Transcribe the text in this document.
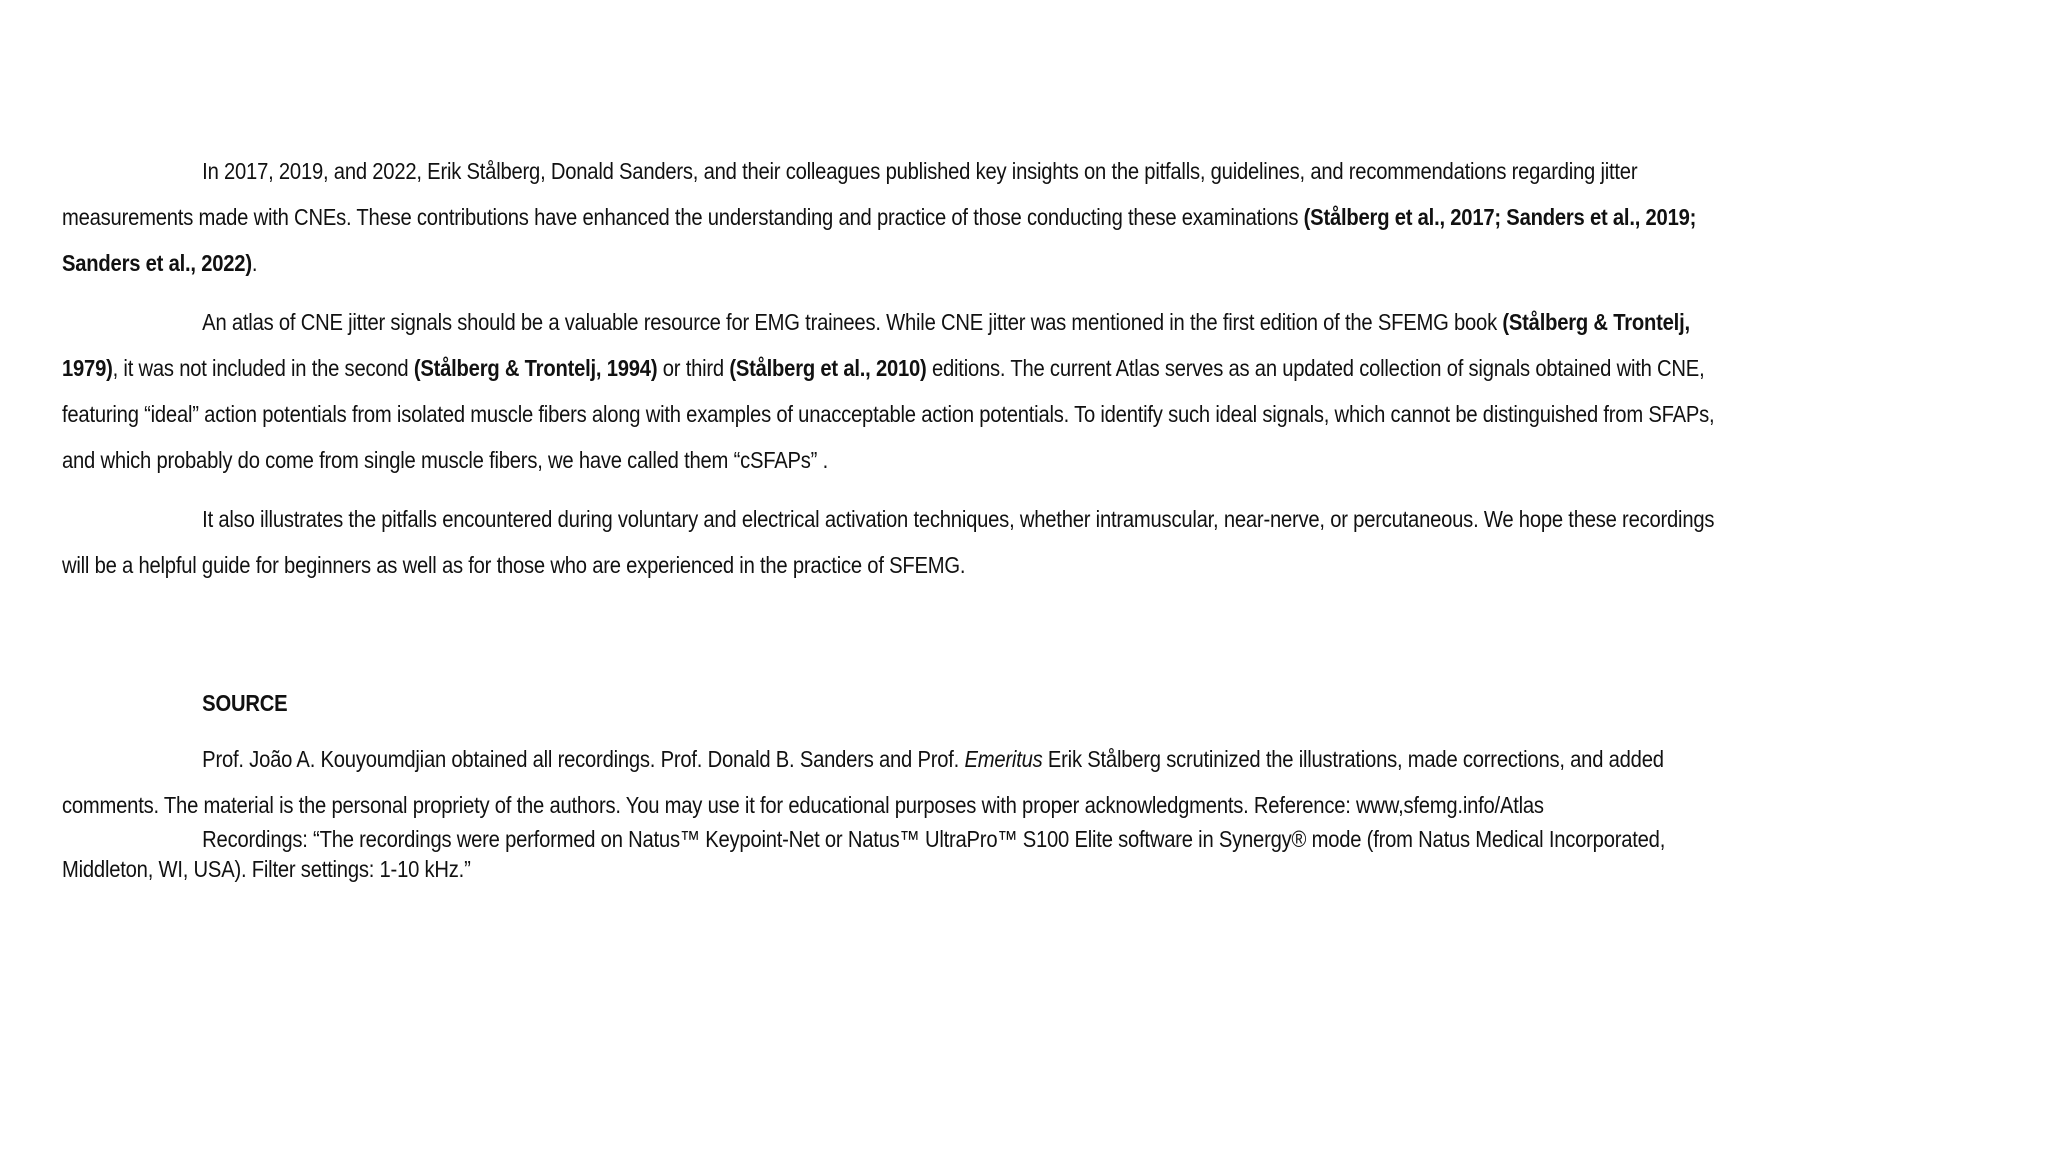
In 2017, 2019, and 2022, Erik Stålberg, Donald Sanders, and their colleagues published key insights on the pitfalls, guidelines, and recommendations regarding jitter measurements made with CNEs. These contributions have enhanced the understanding and practice of those conducting these examinations (Stålberg et al., 2017; Sanders et al., 2019; Sanders et al., 2022).

An atlas of CNE jitter signals should be a valuable resource for EMG trainees. While CNE jitter was mentioned in the first edition of the SFEMG book (Stålberg & Trontelj, 1979), it was not included in the second (Stålberg & Trontelj, 1994) or third (Stålberg et al., 2010) editions. The current Atlas serves as an updated collection of signals obtained with CNE, featuring “ideal” action potentials from isolated muscle fibers along with examples of unacceptable action potentials. To identify such ideal signals, which cannot be distinguished from SFAPs, and which probably do come from single muscle fibers, we have called them “cSFAPs” .

It also illustrates the pitfalls encountered during voluntary and electrical activation techniques, whether intramuscular, near-nerve, or percutaneous. We hope these recordings will be a helpful guide for beginners as well as for those who are experienced in the practice of SFEMG.

SOURCE

Prof. João A. Kouyoumdjian obtained all recordings. Prof. Donald B. Sanders and Prof. Emeritus Erik Stålberg scrutinized the illustrations, made corrections, and added comments. The material is the personal propriety of the authors. You may use it for educational purposes with proper acknowledgments. Reference: www,sfemg.info/Atlas

Recordings: “The recordings were performed on Natus™ Keypoint-Net or Natus™ UltraPro™ S100 Elite software in Synergy® mode (from Natus Medical Incorporated, Middleton, WI, USA). Filter settings: 1-10 kHz.”
